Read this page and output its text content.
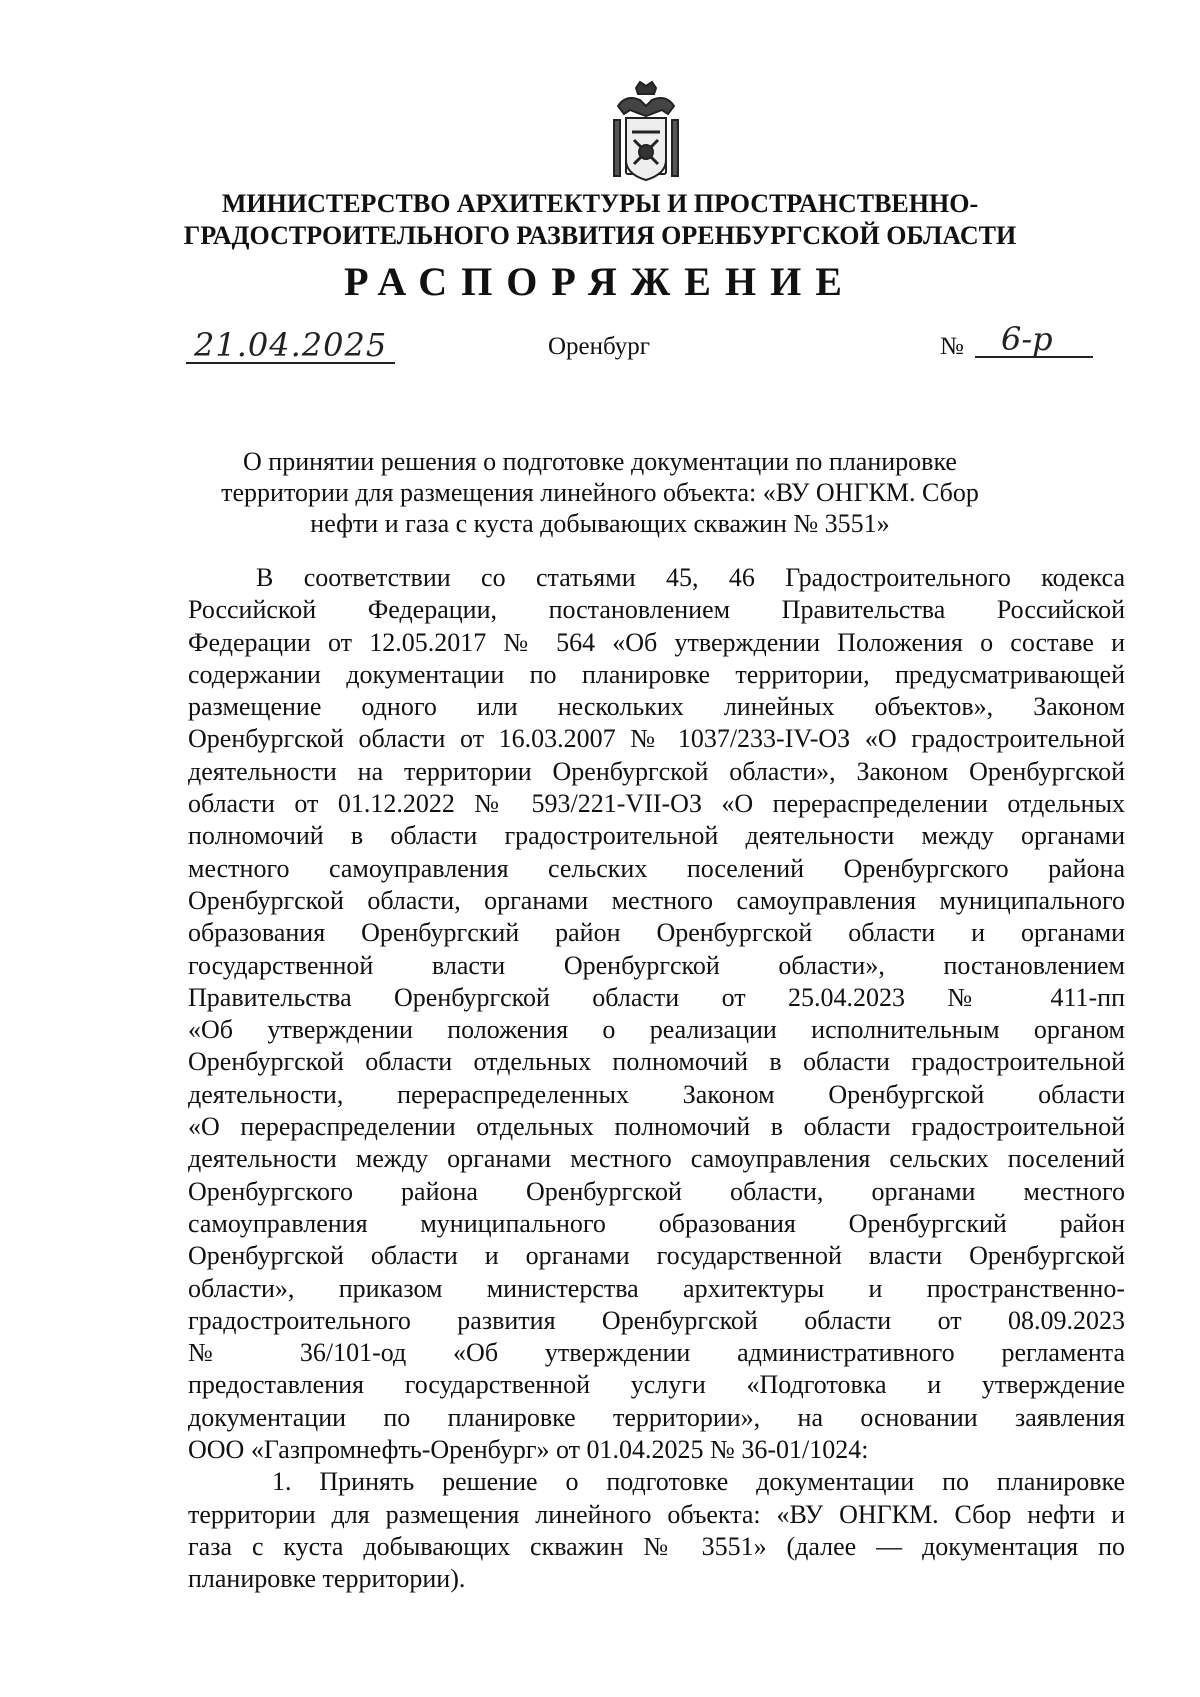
МИНИСТЕРСТВО АРХИТЕКТУРЫ И ПРОСТРАНСТВЕННО-
ГРАДОСТРОИТЕЛЬНОГО РАЗВИТИЯ ОРЕНБУРГСКОЙ ОБЛАСТИ
РАСПОРЯЖЕНИЕ
21.04.2025	Оренбург	№	6-р
О принятии решения о подготовке документации по планировке
территории для размещения линейного объекта: «ВУ ОНГКМ. Сбор
нефти и газа с куста добывающих скважин № 3551»
В соответствии со статьями 45, 46 Градостроительного кодекса
Российской Федерации, постановлением Правительства Российской
Федерации от 12.05.2017 № 564 «Об утверждении Положения о составе и
содержании документации по планировке территории, предусматривающей
размещение одного или нескольких линейных объектов», Законом
Оренбургской области от 16.03.2007 № 1037/233-IV-ОЗ «О градостроительной
деятельности на территории Оренбургской области», Законом Оренбургской
области от 01.12.2022 № 593/221-VII-ОЗ «О перераспределении отдельных
полномочий в области градостроительной деятельности между органами
местного самоуправления сельских поселений Оренбургского района
Оренбургской области, органами местного самоуправления муниципального
образования Оренбургский район Оренбургской области и органами
государственной власти Оренбургской области», постановлением
Правительства Оренбургской области от 25.04.2023 № 411-пп
«Об утверждении положения о реализации исполнительным органом
Оренбургской области отдельных полномочий в области градостроительной
деятельности, перераспределенных Законом Оренбургской области
«О перераспределении отдельных полномочий в области градостроительной
деятельности между органами местного самоуправления сельских поселений
Оренбургского района Оренбургской области, органами местного
самоуправления муниципального образования Оренбургский район
Оренбургской области и органами государственной власти Оренбургской
области», приказом министерства архитектуры и пространственно-
градостроительного развития Оренбургской области от 08.09.2023
№ 36/101-од «Об утверждении административного регламента
предоставления государственной услуги «Подготовка и утверждение
документации по планировке территории», на основании заявления
ООО «Газпромнефть-Оренбург» от 01.04.2025 № 36-01/1024:
1. Принять решение о подготовке документации по планировке
территории для размещения линейного объекта: «ВУ ОНГКМ. Сбор нефти и
газа с куста добывающих скважин № 3551» (далее — документация по
планировке территории).
